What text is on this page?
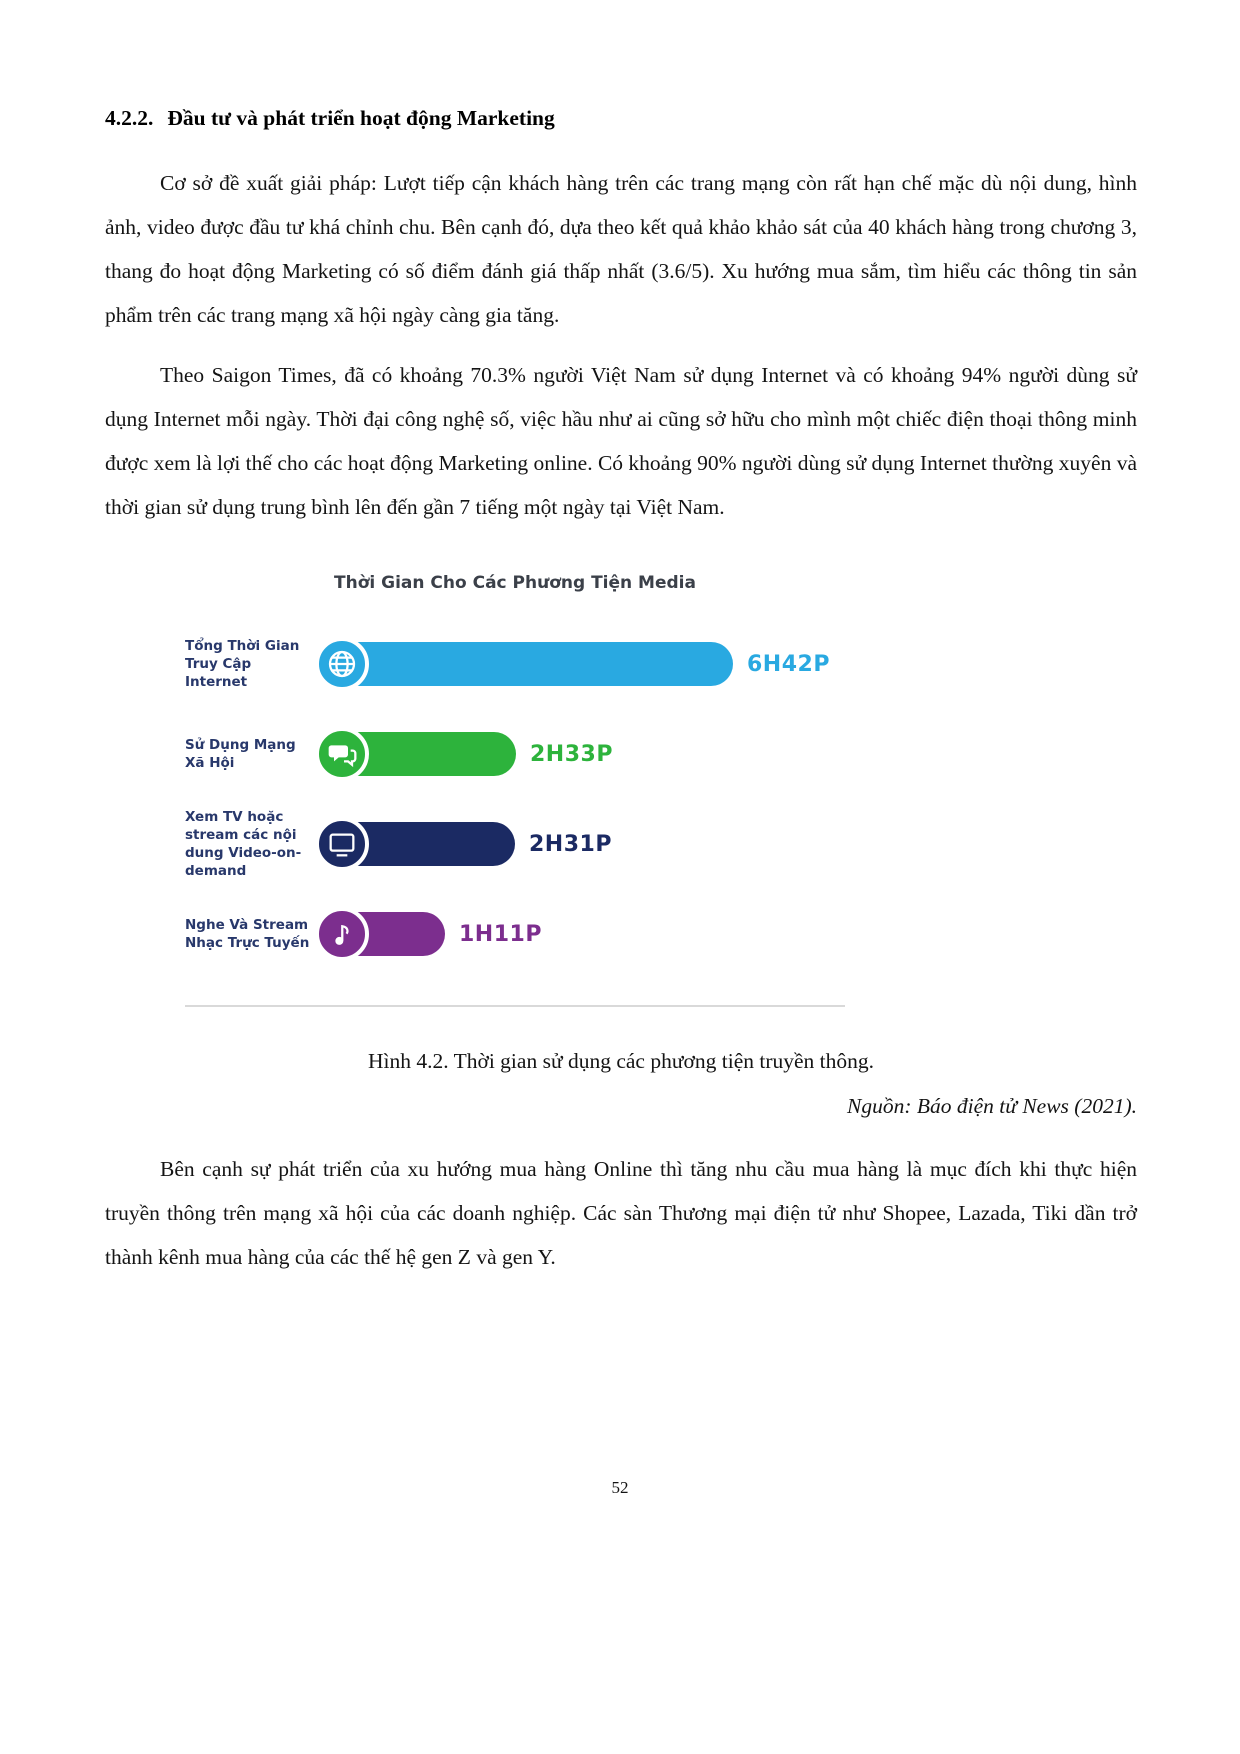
4.2.2. Đầu tư và phát triển hoạt động Marketing

Cơ sở đề xuất giải pháp: Lượt tiếp cận khách hàng trên các trang mạng còn rất hạn chế mặc dù nội dung, hình ảnh, video được đầu tư khá chỉnh chu. Bên cạnh đó, dựa theo kết quả khảo khảo sát của 40 khách hàng trong chương 3, thang đo hoạt động Marketing có số điểm đánh giá thấp nhất (3.6/5). Xu hướng mua sắm, tìm hiểu các thông tin sản phẩm trên các trang mạng xã hội ngày càng gia tăng.

Theo Saigon Times, đã có khoảng 70.3% người Việt Nam sử dụng Internet và có khoảng 94% người dùng sử dụng Internet mỗi ngày. Thời đại công nghệ số, việc hầu như ai cũng sở hữu cho mình một chiếc điện thoại thông minh được xem là lợi thế cho các hoạt động Marketing online. Có khoảng 90% người dùng sử dụng Internet thường xuyên và thời gian sử dụng trung bình lên đến gần 7 tiếng một ngày tại Việt Nam.

Thời Gian Cho Các Phương Tiện Media
Tổng Thời Gian Truy Cập Internet
6H42P
Sử Dụng Mạng Xã Hội	2H33P
Xem TV hoặc stream các nội dung Video-on-demand
2H31P
Nghe Và Stream Nhạc Trực Tuyến	1H11P
Hình 4.2. Thời gian sử dụng các phương tiện truyền thông.
Nguồn: Báo điện tử News (2021).

Bên cạnh sự phát triển của xu hướng mua hàng Online thì tăng nhu cầu mua hàng là mục đích khi thực hiện truyền thông trên mạng xã hội của các doanh nghiệp. Các sàn Thương mại điện tử như Shopee, Lazada, Tiki dần trở thành kênh mua hàng của các thế hệ gen Z và gen Y.

52
